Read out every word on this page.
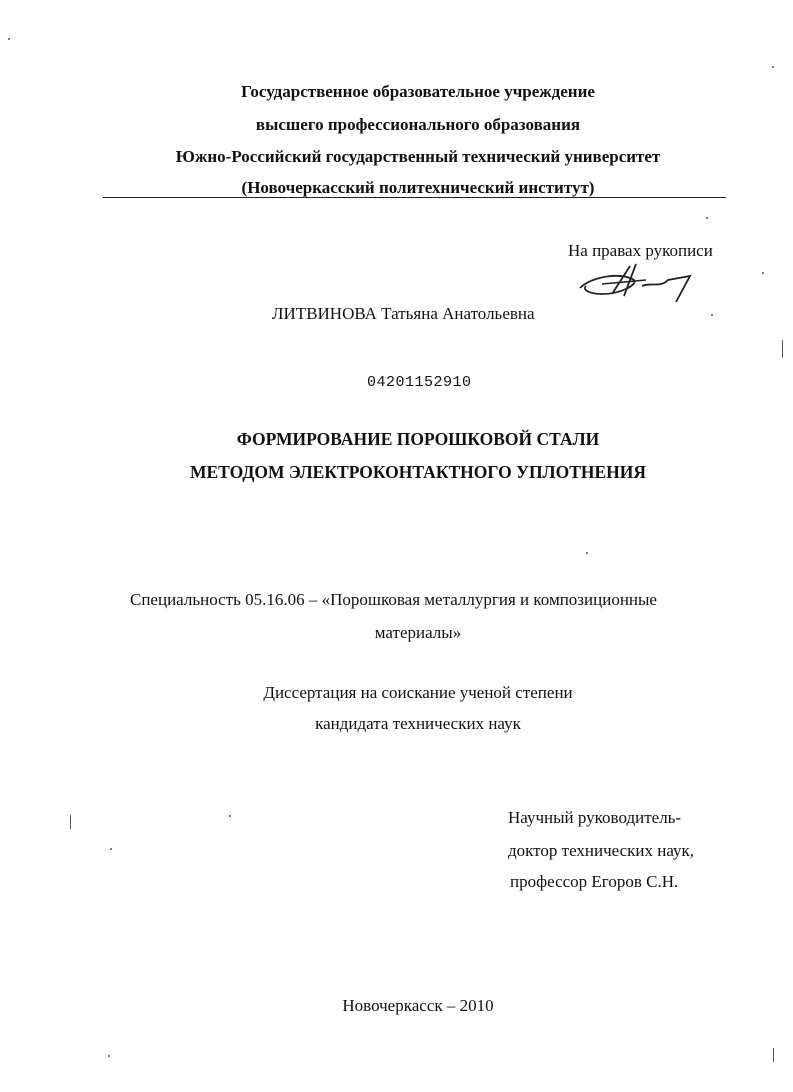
Государственное образовательное учреждение
высшего профессионального образования
Южно-Российский государственный технический университет
(Новочеркасский политехнический институт)
На правах рукописи
ЛИТВИНОВА Татьяна Анатольевна
04201152910
ФОРМИРОВАНИЕ ПОРОШКОВОЙ СТАЛИ
МЕТОДОМ ЭЛЕКТРОКОНТАКТНОГО УПЛОТНЕНИЯ
Специальность 05.16.06 – «Порошковая металлургия и композиционные
материалы»
Диссертация на соискание ученой степени
кандидата технических наук
Научный руководитель-
доктор технических наук,
профессор Егоров С.Н.
Новочеркасск – 2010
